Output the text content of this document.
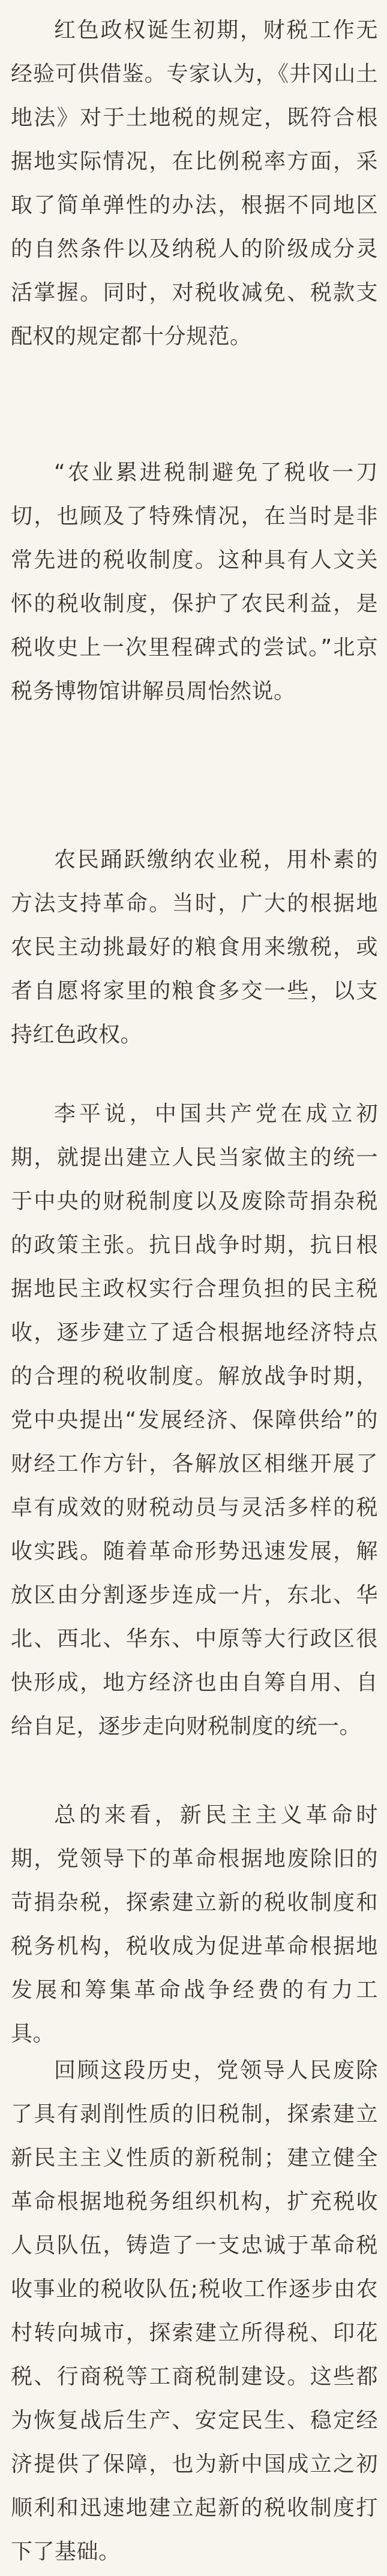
红色政权诞生初期，财税工作无经验可供借鉴。专家认为，《井冈山土地法》对于土地税的规定，既符合根据地实际情况，在比例税率方面，采取了简单弹性的办法，根据不同地区的自然条件以及纳税人的阶级成分灵活掌握。同时，对税收减免、税款支配权的规定都十分规范。

“农业累进税制避免了税收一刀切，也顾及了特殊情况，在当时是非常先进的税收制度。这种具有人文关怀的税收制度，保护了农民利益，是税收史上一次里程碑式的尝试。”北京税务博物馆讲解员周怡然说。

农民踊跃缴纳农业税，用朴素的方法支持革命。当时，广大的根据地农民主动挑最好的粮食用来缴税，或者自愿将家里的粮食多交一些，以支持红色政权。

李平说，中国共产党在成立初期，就提出建立人民当家做主的统一于中央的财税制度以及废除苛捐杂税的政策主张。抗日战争时期，抗日根据地民主政权实行合理负担的民主税收，逐步建立了适合根据地经济特点的合理的税收制度。解放战争时期，党中央提出“发展经济、保障供给”的财经工作方针，各解放区相继开展了卓有成效的财税动员与灵活多样的税收实践。随着革命形势迅速发展，解放区由分割逐步连成一片，东北、华北、西北、华东、中原等大行政区很快形成，地方经济也由自筹自用、自给自足，逐步走向财税制度的统一。

总的来看，新民主主义革命时期，党领导下的革命根据地废除旧的苛捐杂税，探索建立新的税收制度和税务机构，税收成为促进革命根据地发展和筹集革命战争经费的有力工具。

回顾这段历史，党领导人民废除了具有剥削性质的旧税制，探索建立新民主主义性质的新税制；建立健全革命根据地税务组织机构，扩充税收人员队伍，铸造了一支忠诚于革命税收事业的税收队伍;税收工作逐步由农村转向城市，探索建立所得税、印花税、行商税等工商税制建设。这些都为恢复战后生产、安定民生、稳定经济提供了保障，也为新中国成立之初顺利和迅速地建立起新的税收制度打下了基础。
